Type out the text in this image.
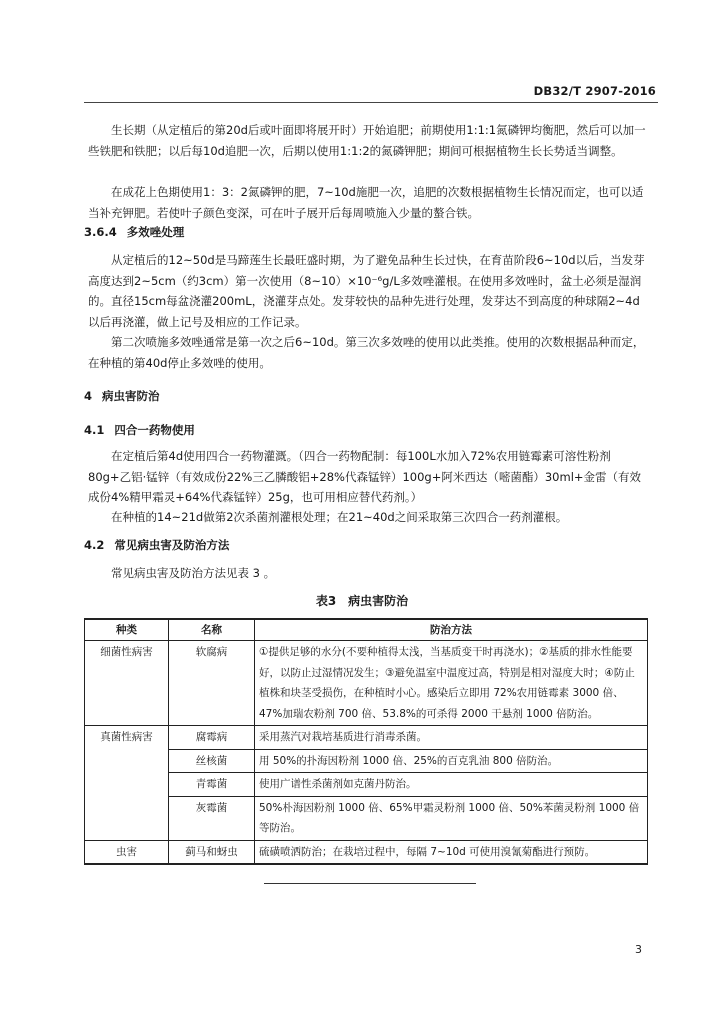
DB32/T 2907-2016

生长期（从定植后的第20d后或叶面即将展开时）开始追肥；前期使用1:1:1氮磷钾均衡肥，然后可以加一些铁肥和铁肥；以后每10d追肥一次，后期以使用1:1:2的氮磷钾肥；期间可根据植物生长长势适当调整。

在成花上色期使用1：3：2氮磷钾的肥，7~10d施肥一次，追肥的次数根据植物生长情况而定，也可以适当补充钾肥。若使叶子颜色变深，可在叶子展开后每周喷施入少量的螯合铁。

3.6.4 多效唑处理

从定植后的12~50d是马蹄莲生长最旺盛时期，为了避免品种生长过快，在育苗阶段6~10d以后，当发芽高度达到2~5cm（约3cm）第一次使用（8~10）×10⁻⁶g/L多效唑灌根。在使用多效唑时，盆土必须是湿润的。直径15cm每盆浇灌200mL，浇灌芽点处。发芽较快的品种先进行处理，发芽达不到高度的种球隔2~4d以后再浇灌，做上记号及相应的工作记录。

第二次喷施多效唑通常是第一次之后6~10d。第三次多效唑的使用以此类推。使用的次数根据品种而定，在种植的第40d停止多效唑的使用。

4 病虫害防治
4.1 四合一药物使用

在定植后第4d使用四合一药物灌溉。（四合一药物配制：每100L水加入72%农用链霉素可溶性粉剂80g+乙铝·锰锌（有效成份22%三乙膦酸铝+28%代森锰锌）100g+阿米西达（嘧菌酯）30ml+金雷（有效成份4%精甲霜灵+64%代森锰锌）25g，也可用相应替代药剂。）

在种植的14~21d做第2次杀菌剂灌根处理；在21~40d之间采取第三次四合一药剂灌根。

4.2 常见病虫害及防治方法

常见病虫害及防治方法见表 3 。

表3　病虫害防治
种类	名称	防治方法
细菌性病害	软腐病	①提供足够的水分(不要种植得太浅，当基质变干时再浇水)；②基质的排水性能要好，以防止过湿情况发生；③避免温室中温度过高，特别是相对湿度大时；④防止植株和块茎受损伤，在种植时小心。感染后立即用 72%农用链霉素 3000 倍、47%加瑞农粉剂 700 倍、53.8%的可杀得 2000 干悬剂 1000 倍防治。
真菌性病害	腐霉病	采用蒸汽对栽培基质进行消毒杀菌。
	丝核菌	用 50%的扑海因粉剂 1000 倍、25%的百克乳油 800 倍防治。
	青霉菌	使用广谱性杀菌剂如克菌丹防治。
	灰霉菌	50%朴海因粉剂 1000 倍、65%甲霜灵粉剂 1000 倍、50%苯菌灵粉剂 1000 倍等防治。
虫害	蓟马和蚜虫	硫磺喷洒防治；在栽培过程中，每隔 7~10d 可使用溴氰菊酯进行预防。
3
